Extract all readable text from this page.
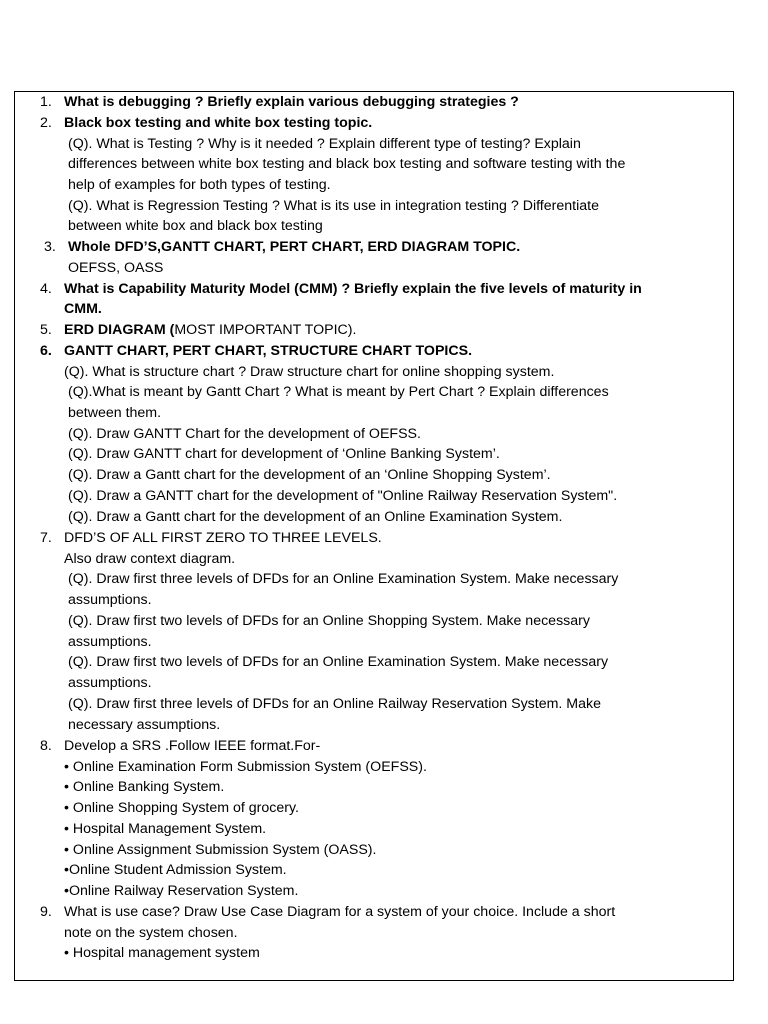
1. What is debugging ? Briefly explain various debugging strategies ?
2. Black box testing and white box testing topic.
(Q). What is Testing ? Why is it needed ? Explain different type of testing? Explain
differences between white box testing and black box testing and software testing with the
help of examples for both types of testing.
(Q). What is Regression Testing ? What is its use in integration testing ? Differentiate
between white box and black box testing
3. Whole DFD’S,GANTT CHART, PERT CHART, ERD DIAGRAM TOPIC.
OEFSS, OASS
4. What is Capability Maturity Model (CMM) ? Briefly explain the five levels of maturity in
CMM.
5. ERD DIAGRAM (MOST IMPORTANT TOPIC).
6. GANTT CHART, PERT CHART, STRUCTURE CHART TOPICS.
(Q). What is structure chart ? Draw structure chart for online shopping system.
(Q).What is meant by Gantt Chart ? What is meant by Pert Chart ? Explain differences
between them.
(Q). Draw GANTT Chart for the development of OEFSS.
(Q). Draw GANTT chart for development of ‘Online Banking System’.
(Q). Draw a Gantt chart for the development of an ‘Online Shopping System’.
(Q). Draw a GANTT chart for the development of "Online Railway Reservation System".
(Q). Draw a Gantt chart for the development of an Online Examination System.
7. DFD’S OF ALL FIRST ZERO TO THREE LEVELS.
Also draw context diagram.
(Q). Draw first three levels of DFDs for an Online Examination System. Make necessary
assumptions.
(Q). Draw first two levels of DFDs for an Online Shopping System. Make necessary
assumptions.
(Q). Draw first two levels of DFDs for an Online Examination System. Make necessary
assumptions.
(Q). Draw first three levels of DFDs for an Online Railway Reservation System. Make
necessary assumptions.
8. Develop a SRS .Follow IEEE format.For-
• Online Examination Form Submission System (OEFSS).
• Online Banking System.
• Online Shopping System of grocery.
• Hospital Management System.
• Online Assignment Submission System (OASS).
•Online Student Admission System.
•Online Railway Reservation System.
9. What is use case? Draw Use Case Diagram for a system of your choice. Include a short
note on the system chosen.
• Hospital management system
